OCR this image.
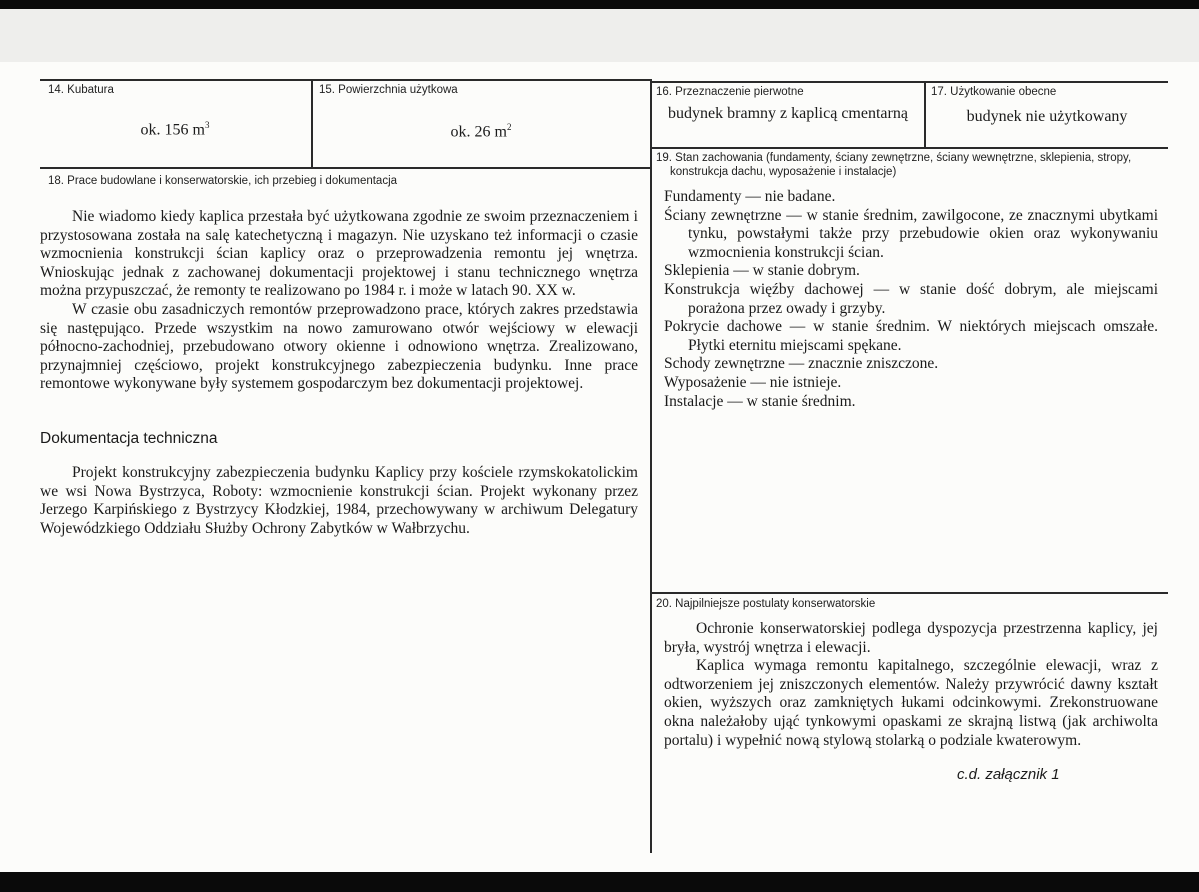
14. Kubatura
ok. 156 $m^3$
15. Powierzchnia użytkowa
ok. 26 $m^2$
16. Przeznaczenie pierwotne
budynek bramny z kaplicą cmentarną
17. Użytkowanie obecne
budynek nie użytkowany
18. Prace budowlane i konserwatorskie, ich przebieg i dokumentacja

Nie wiadomo kiedy kaplica przestała być użytkowana zgodnie ze swoim przeznaczeniem i przystosowana została na salę katechetyczną i magazyn. Nie uzyskano też informacji o czasie wzmocnienia konstrukcji ścian kaplicy oraz o przeprowadzenia remontu jej wnętrza. Wnioskując jednak z zachowanej dokumentacji projektowej i stanu technicznego wnętrza można przypuszczać, że remonty te realizowano po 1984 r. i może w latach 90. XX w.

W czasie obu zasadniczych remontów przeprowadzono prace, których zakres przedstawia się następująco. Przede wszystkim na nowo zamurowano otwór wejściowy w elewacji północno-zachodniej, przebudowano otwory okienne i odnowiono wnętrza. Zrealizowano, przynajmniej częściowo, projekt konstrukcyjnego zabezpieczenia budynku. Inne prace remontowe wykonywane były systemem gospodarczym bez dokumentacji projektowej.

Dokumentacja techniczna

Projekt konstrukcyjny zabezpieczenia budynku Kaplicy przy kościele rzymskokatolickim we wsi Nowa Bystrzyca, Roboty: wzmocnienie konstrukcji ścian. Projekt wykonany przez Jerzego Karpińskiego z Bystrzycy Kłodzkiej, 1984, przechowywany w archiwum Delegatury Wojewódzkiego Oddziału Służby Ochrony Zabytków w Wałbrzychu.

19. Stan zachowania (fundamenty, ściany zewnętrzne, ściany wewnętrzne, sklepienia, stropy, konstrukcja dachu, wyposażenie i instalacje)

Fundamenty — nie badane.

Ściany zewnętrzne — w stanie średnim, zawilgocone, ze znacznymi ubytkami tynku, powstałymi także przy przebudowie okien oraz wykonywaniu wzmocnienia konstrukcji ścian.

Sklepienia — w stanie dobrym.

Konstrukcja więźby dachowej — w stanie dość dobrym, ale miejscami porażona przez owady i grzyby.

Pokrycie dachowe — w stanie średnim. W niektórych miejscach omszałe. Płytki eternitu miejscami spękane.

Schody zewnętrzne — znacznie zniszczone.

Wyposażenie — nie istnieje.

Instalacje — w stanie średnim.

20. Najpilniejsze postulaty konserwatorskie

Ochronie konserwatorskiej podlega dyspozycja przestrzenna kaplicy, jej bryła, wystrój wnętrza i elewacji.

Kaplica wymaga remontu kapitalnego, szczególnie elewacji, wraz z odtworzeniem jej zniszczonych elementów. Należy przywrócić dawny kształt okien, wyższych oraz zamkniętych łukami odcinkowymi. Zrekonstruowane okna należałoby ująć tynkowymi opaskami ze skrajną listwą (jak archiwolta portalu) i wypełnić nową stylową stolarką o podziale kwaterowym.

c.d. załącznik 1
